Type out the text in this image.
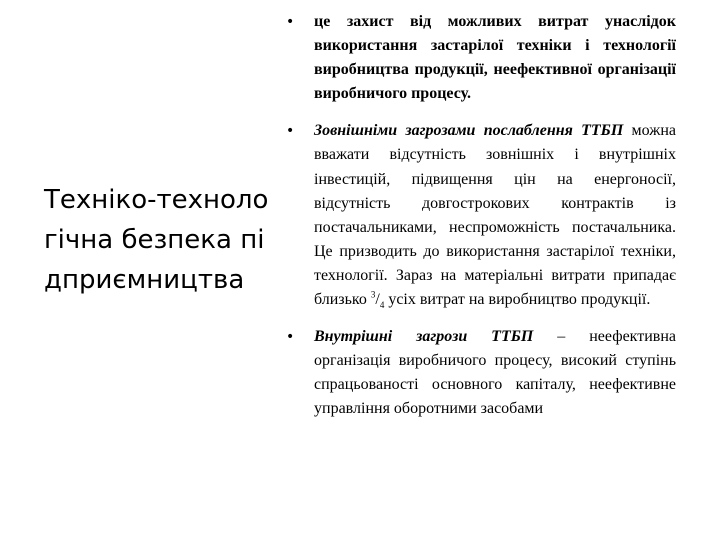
Техніко-технологічна безпека підприємництва
• це захист від можливих витрат унаслідок використання застарілої техніки і технології виробництва продукції, неефективної організації виробничого процесу.
• Зовнішніми загрозами послаблення ТТБП можна вважати відсутність зовнішніх і внутрішніх інвестицій, підвищення цін на енергоносії, відсутність довгострокових контрактів із постачальниками, неспроможність постачальника. Це призводить до використання застарілої техніки, технології. Зараз на матеріальні витрати припадає близько $^3/_4$ усіх витрат на виробництво продукції.
• Внутрішні загрози ТТБП – неефективна організація виробничого процесу, високий ступінь спрацьованості основного капіталу, неефективне управління оборотними засобами
